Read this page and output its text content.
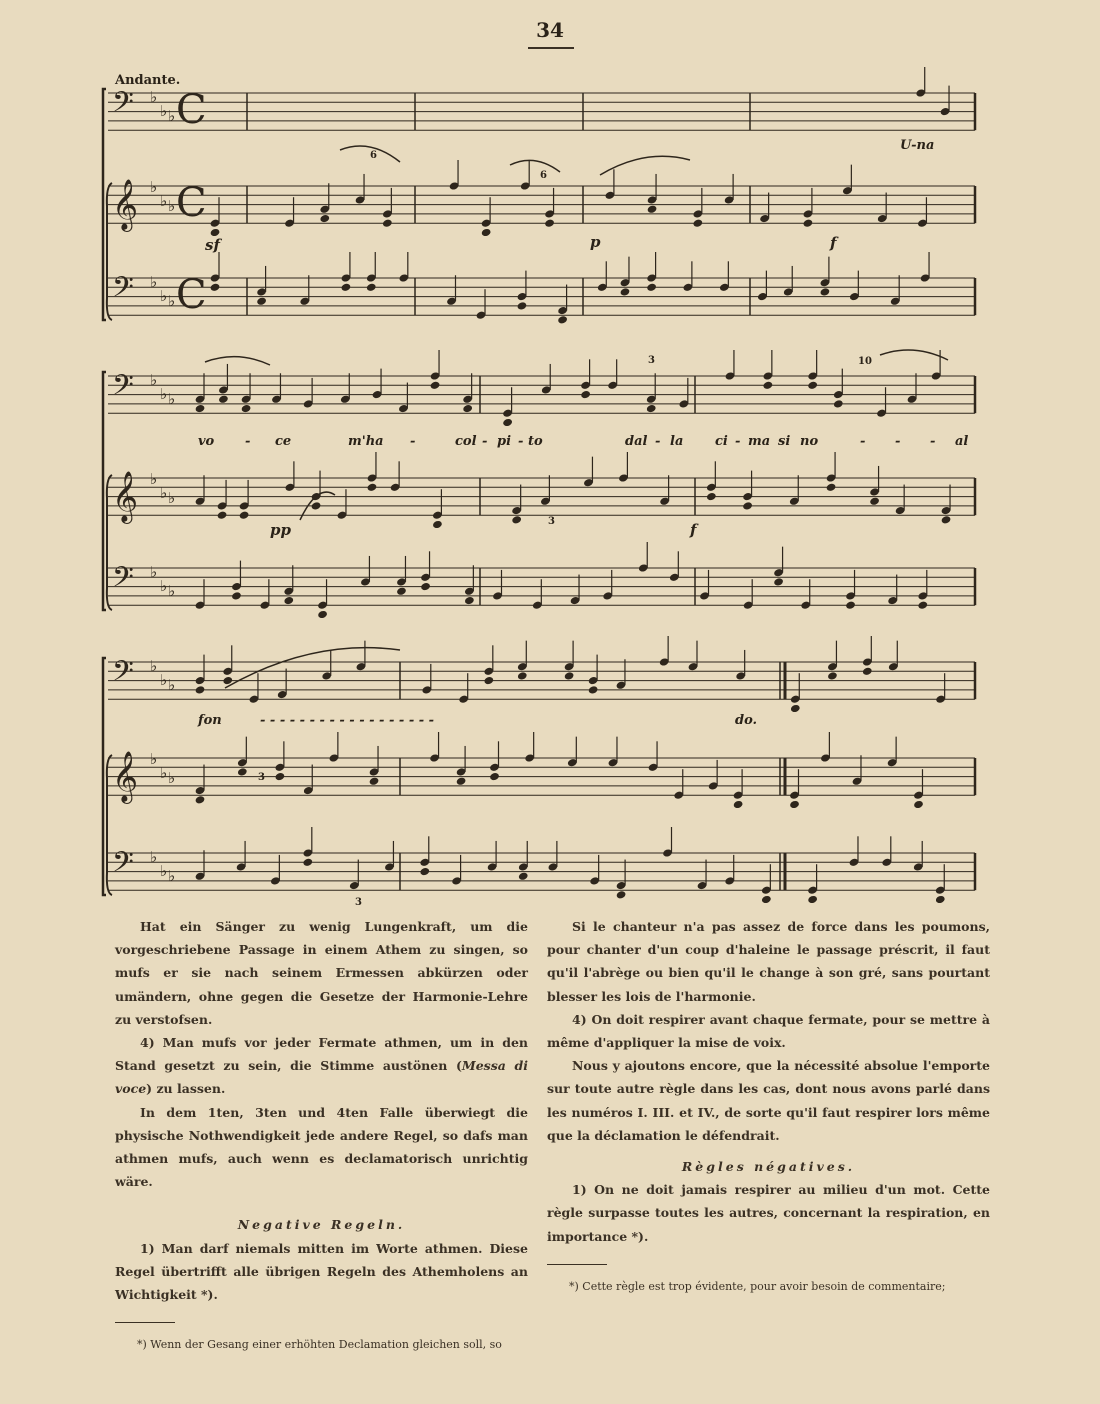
34
Andante.
𝄢 ♭
♭ ♭ C
𝄞 ♭
♭ ♭ C
𝄢 ♭
♭ ♭ C
𝄢 ♭
♭ ♭
𝄞 ♭
♭ ♭
𝄢 ♭
♭ ♭
𝄢 ♭
♭ ♭
𝄞 ♭
♭ ♭
𝄢 ♭
♭ ♭
6
6
3	10
3
3
3
sf	p	f
pp	f
U-na
vo - ce	m'ha -	col - pi - to	dal - la ci - ma si no	- - - al
fon	- - - - - - - - - - - - - - - - - -	do.

Hat ein Sänger zu wenig Lungenkraft, um die vorgeschriebene Passage in einem Athem zu singen, so mufs er sie nach seinem Ermessen abkürzen oder umändern, ohne gegen die Gesetze der Harmonie-Lehre zu verstofsen.

4) Man mufs vor jeder Fermate athmen, um in den Stand gesetzt zu sein, die Stimme austönen (Messa di voce) zu lassen.

In dem 1ten, 3ten und 4ten Falle überwiegt die physische Nothwendigkeit jede andere Regel, so dafs man athmen mufs, auch wenn es declamatorisch unrichtig wäre.

Negative Regeln.

1) Man darf niemals mitten im Worte athmen. Diese Regel übertrifft alle übrigen Regeln des Athemholens an Wichtigkeit *).

*) Wenn der Gesang einer erhöhten Declamation gleichen soll, so

Si le chanteur n'a pas assez de force dans les poumons, pour chanter d'un coup d'haleine le passage préscrit, il faut qu'il l'abrège ou bien qu'il le change à son gré, sans pourtant blesser les lois de l'harmonie.

4) On doit respirer avant chaque fermate, pour se mettre à même d'appliquer la mise de voix.

Nous y ajoutons encore, que la nécessité absolue l'emporte sur toute autre règle dans les cas, dont nous avons parlé dans les numéros I. III. et IV., de sorte qu'il faut respirer lors même que la déclamation le défendrait.

Règles négatives.

1) On ne doit jamais respirer au milieu d'un mot. Cette règle surpasse toutes les autres, concernant la respiration, en importance *).

*) Cette règle est trop évidente, pour avoir besoin de commentaire;
